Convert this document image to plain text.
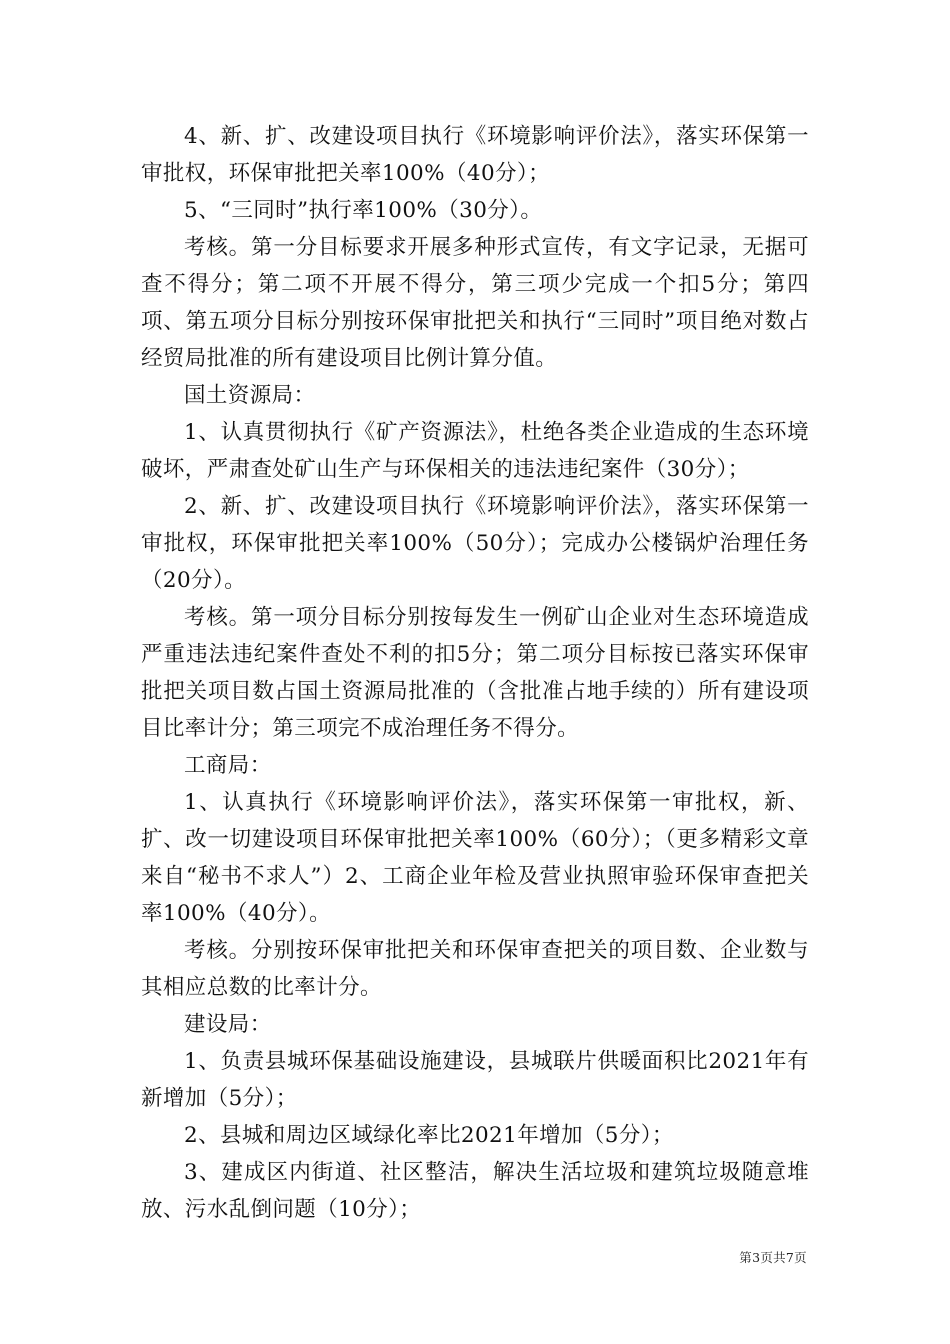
4、新、扩、改建设项目执行《环境影响评价法》，落实环保第一审批权，环保审批把关率100%（40分）；

5、“三同时”执行率100%（30分）。

考核。第一分目标要求开展多种形式宣传，有文字记录，无据可查不得分；第二项不开展不得分，第三项少完成一个扣5分；第四项、第五项分目标分别按环保审批把关和执行“三同时”项目绝对数占经贸局批准的所有建设项目比例计算分值。

国土资源局：

1、认真贯彻执行《矿产资源法》，杜绝各类企业造成的生态环境破坏，严肃查处矿山生产与环保相关的违法违纪案件（30分）；

2、新、扩、改建设项目执行《环境影响评价法》，落实环保第一审批权，环保审批把关率100%（50分）；完成办公楼锅炉治理任务（20分）。

考核。第一项分目标分别按每发生一例矿山企业对生态环境造成严重违法违纪案件查处不利的扣5分；第二项分目标按已落实环保审批把关项目数占国土资源局批准的（含批准占地手续的）所有建设项目比率计分；第三项完不成治理任务不得分。

工商局：

1、认真执行《环境影响评价法》，落实环保第一审批权，新、扩、改一切建设项目环保审批把关率100%（60分）；（更多精彩文章来自“秘书不求人”）2、工商企业年检及营业执照审验环保审查把关率100%（40分）。

考核。分别按环保审批把关和环保审查把关的项目数、企业数与其相应总数的比率计分。

建设局：

1、负责县城环保基础设施建设，县城联片供暖面积比2021年有新增加（5分）；

2、县城和周边区域绿化率比2021年增加（5分）；

3、建成区内街道、社区整洁，解决生活垃圾和建筑垃圾随意堆放、污水乱倒问题（10分）；

第3页共7页
